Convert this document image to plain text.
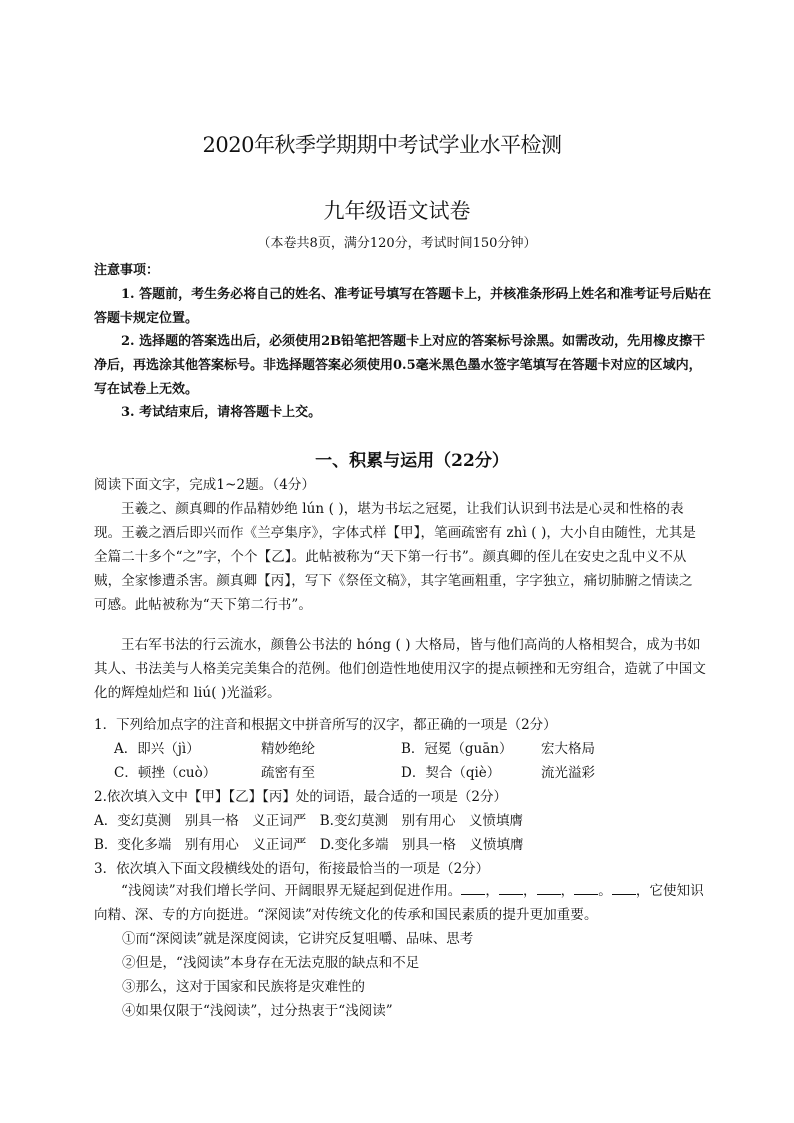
2020年秋季学期期中考试学业水平检测
九年级语文试卷
（本卷共8页，满分120分，考试时间150分钟）
注意事项：
1. 答题前，考生务必将自己的姓名、准考证号填写在答题卡上，并核准条形码上姓名和准考证号后贴在答题卡规定位置。
2. 选择题的答案选出后，必须使用2B铅笔把答题卡上对应的答案标号涂黑。如需改动，先用橡皮擦干净后，再选涂其他答案标号。非选择题答案必须使用0.5毫米黑色墨水签字笔填写在答题卡对应的区域内，写在试卷上无效。
3. 考试结束后，请将答题卡上交。
一、积累与运用（22分）
阅读下面文字，完成1~2题。（4分）
王羲之、颜真卿的作品精妙绝 lún ( )，堪为书坛之冠冕，让我们认识到书法是心灵和性格的表现。王羲之酒后即兴而作《兰亭集序》，字体式样【甲】，笔画疏密有 zhì ( )，大小自由随性，尤其是全篇二十多个“之”字，个个【乙】。此帖被称为“天下第一行书”。颜真卿的侄儿在安史之乱中义不从贼，全家惨遭杀害。颜真卿【丙】，写下《祭侄文稿》，其字笔画粗重，字字独立，痛切肺腑之情读之可感。此帖被称为“天下第二行书”。
王右军书法的行云流水，颜鲁公书法的 hóng ( ) 大格局，皆与他们高尚的人格相契合，成为书如其人、书法美与人格美完美集合的范例。他们创造性地使用汉字的提点顿挫和无穷组合，造就了中国文化的辉煌灿烂和 liú( )光溢彩。
1．下列给加点字的注音和根据文中拼音所写的汉字，都正确的一项是（2分）
A．即兴（jì）	精妙绝纶	B．冠冕（guān） 宏大格局
C．顿挫（cuò）	疏密有至	D．契合（qiè）	流光溢彩
2.依次填入文中【甲】【乙】【丙】处的词语，最合适的一项是（2分）
A．变幻莫测　别具一格　义正词严　B.变幻莫测　别有用心　义愤填膺
B．变化多端　别有用心　义正词严　D.变化多端　别具一格　义愤填膺
3．依次填入下面文段横线处的语句，衔接最恰当的一项是（2分）
“浅阅读”对我们增长学问、开阔眼界无疑起到促进作用。 ， ， ， 。 ，它使知识向精、深、专的方向挺进。“深阅读”对传统文化的传承和国民素质的提升更加重要。
①而“深阅读”就是深度阅读，它讲究反复咀嚼、品味、思考
②但是，“浅阅读”本身存在无法克服的缺点和不足
③那么，这对于国家和民族将是灾难性的
④如果仅限于“浅阅读”，过分热衷于“浅阅读”
